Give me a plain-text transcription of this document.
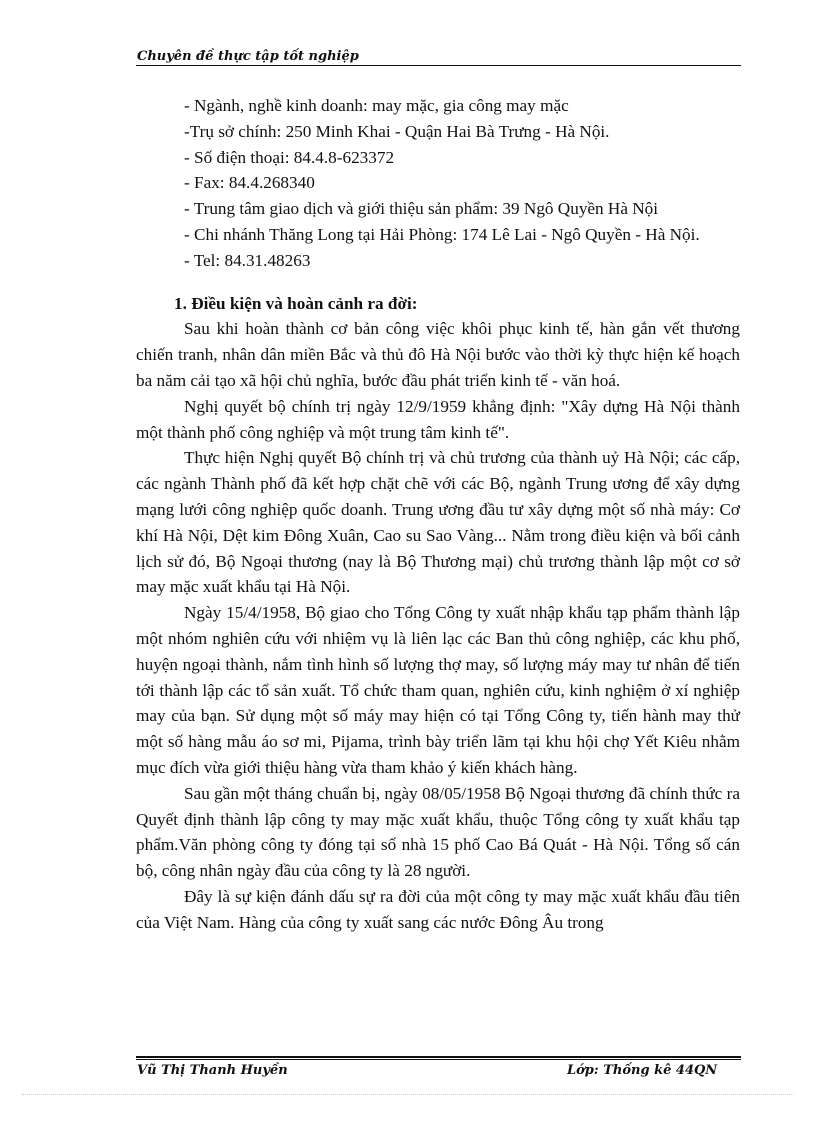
Chuyên đề thực tập tốt nghiệp

- Ngành, nghề kinh doanh: may mặc, gia công may mặc

-Trụ sở chính: 250 Minh Khai - Quận Hai Bà Trưng - Hà Nội.

- Số điện thoại: 84.4.8-623372

- Fax: 84.4.268340

- Trung tâm giao dịch và giới thiệu sản phẩm: 39 Ngô Quyền Hà Nội

- Chi nhánh Thăng Long tại Hải Phòng: 174 Lê Lai - Ngô Quyền - Hà Nội.

- Tel: 84.31.48263

1. Điều kiện và hoàn cảnh ra đời:

Sau khi hoàn thành cơ bản công việc khôi phục kinh tế, hàn gắn vết thương chiến tranh, nhân dân miền Bắc và thủ đô Hà Nội bước vào thời kỳ thực hiện kế hoạch ba năm cải tạo xã hội chủ nghĩa, bước đầu phát triển kinh tế - văn hoá.

Nghị quyết bộ chính trị ngày 12/9/1959 khẳng định: "Xây dựng Hà Nội thành một thành phố công nghiệp và một trung tâm kinh tế".

Thực hiện Nghị quyết Bộ chính trị và chủ trương của thành uỷ Hà Nội; các cấp, các ngành Thành phố đã kết hợp chặt chẽ với các Bộ, ngành Trung ương để xây dựng mạng lưới công nghiệp quốc doanh. Trung ương đầu tư xây dựng một số nhà máy: Cơ khí Hà Nội, Dệt kim Đông Xuân, Cao su Sao Vàng... Nằm trong điều kiện và bối cảnh lịch sử đó, Bộ Ngoại thương (nay là Bộ Thương mại) chủ trương thành lập một cơ sở may mặc xuất khẩu tại Hà Nội.

Ngày 15/4/1958, Bộ giao cho Tổng Công ty xuất nhập khẩu tạp phẩm thành lập một nhóm nghiên cứu với nhiệm vụ là liên lạc các Ban thủ công nghiệp, các khu phố, huyện ngoại thành, nắm tình hình số lượng thợ may, số lượng máy may tư nhân để tiến tới thành lập các tổ sản xuất. Tổ chức tham quan, nghiên cứu, kinh nghiệm ở xí nghiệp may của bạn. Sử dụng một số máy may hiện có tại Tổng Công ty, tiến hành may thử một số hàng mẫu áo sơ mi, Pijama, trình bày triển lãm tại khu hội chợ Yết Kiêu nhằm mục đích vừa giới thiệu hàng vừa tham khảo ý kiến khách hàng.

Sau gần một tháng chuẩn bị, ngày 08/05/1958 Bộ Ngoại thương đã chính thức ra Quyết định thành lập công ty may mặc xuất khẩu, thuộc Tổng công ty xuất khẩu tạp phẩm.Văn phòng công ty đóng tại số nhà 15 phố Cao Bá Quát - Hà Nội. Tổng số cán bộ, công nhân ngày đầu của công ty là 28 người.

Đây là sự kiện đánh dấu sự ra đời của một công ty may mặc xuất khẩu đầu tiên của Việt Nam. Hàng của công ty xuất sang các nước Đông Âu trong

Vũ Thị Thanh Huyền	Lớp: Thống kê 44QN
